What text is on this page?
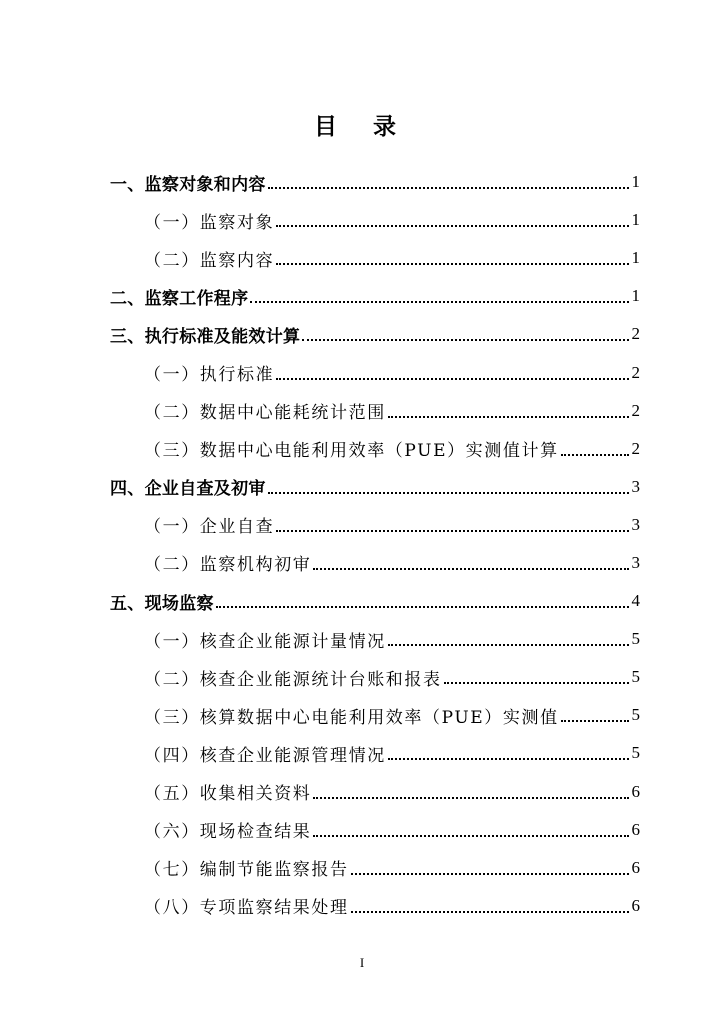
目 录
一、监察对象和内容	1
（一）监察对象	1
（二）监察内容	1
二、监察工作程序	1
三、执行标准及能效计算	2
（一）执行标准	2
（二）数据中心能耗统计范围	2
（三）数据中心电能利用效率（PUE）实测值计算	2
四、企业自查及初审	3
（一）企业自查	3
（二）监察机构初审	3
五、现场监察	4
（一）核查企业能源计量情况	5
（二）核查企业能源统计台账和报表	5
（三）核算数据中心电能利用效率（PUE）实测值	5
（四）核查企业能源管理情况	5
（五）收集相关资料	6
（六）现场检查结果	6
（七）编制节能监察报告	6
（八）专项监察结果处理	6
I
